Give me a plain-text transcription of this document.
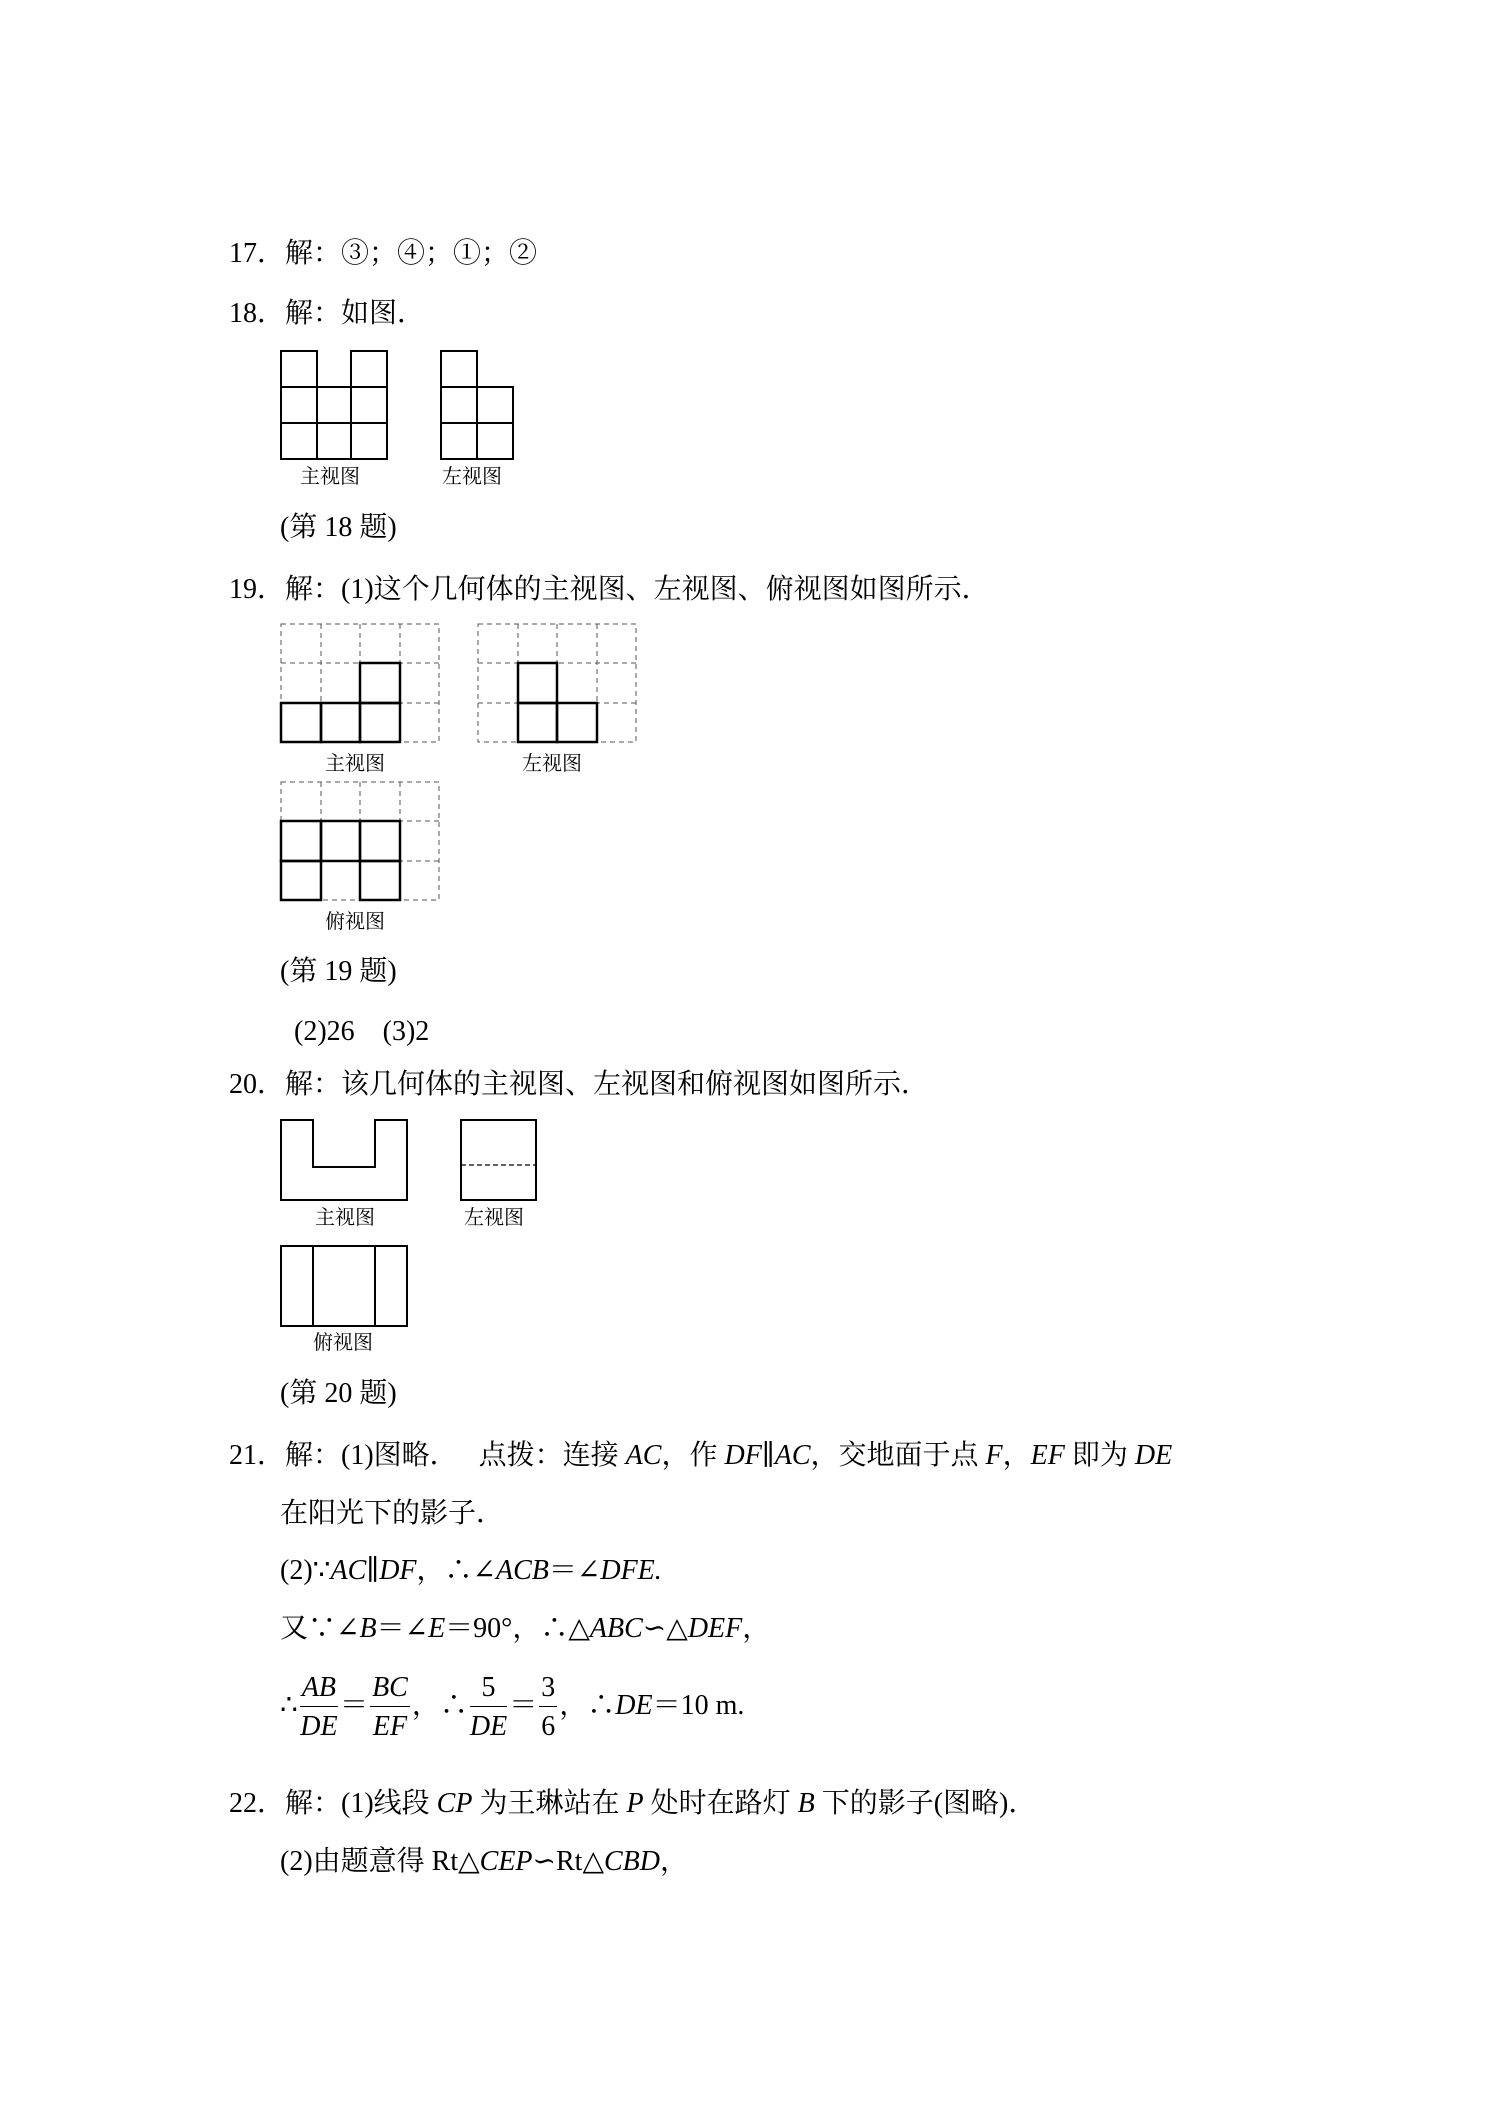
17．解：③；④；①；②
18．解：如图．
主视图	左视图
(第 18 题)
19．解：(1)这个几何体的主视图、左视图、俯视图如图所示．
主视图	左视图
俯视图
(第 19 题)
(2)26　(3)2
20．解：该几何体的主视图、左视图和俯视图如图所示．
主视图	左视图
俯视图
(第 20 题)
21．解：(1)图略．　 点拨：连接 AC，作 DF∥AC，交地面于点 F，EF 即为 DE
在阳光下的影子．
(2)∵AC∥DF，∴∠ACB＝∠DFE.
又∵∠B＝∠E＝90°，∴△ABC∽△DEF，
∴ $\frac{AB}{DE} = \frac{BC}{EF}$ ，∴ $\frac{5}{DE} = \frac{3}{6}$ ，∴DE＝10 m.
22．解：(1)线段 CP 为王琳站在 P 处时在路灯 B 下的影子(图略)．
(2)由题意得 Rt△CEP∽Rt△CBD，
